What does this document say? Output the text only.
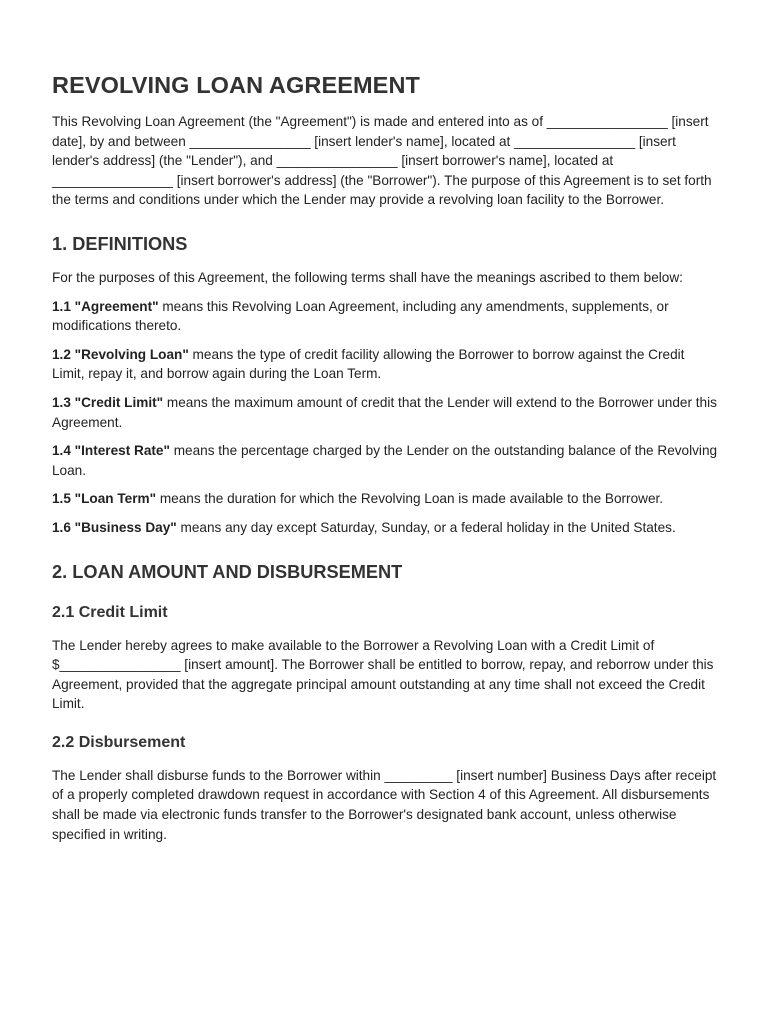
REVOLVING LOAN AGREEMENT

This Revolving Loan Agreement (the "Agreement") is made and entered into as of ________________ [insert date], by and between ________________ [insert lender's name], located at ________________ [insert lender's address] (the "Lender"), and ________________ [insert borrower's name], located at ________________ [insert borrower's address] (the "Borrower"). The purpose of this Agreement is to set forth the terms and conditions under which the Lender may provide a revolving loan facility to the Borrower.

1. DEFINITIONS

For the purposes of this Agreement, the following terms shall have the meanings ascribed to them below:

1.1 "Agreement" means this Revolving Loan Agreement, including any amendments, supplements, or modifications thereto.

1.2 "Revolving Loan" means the type of credit facility allowing the Borrower to borrow against the Credit Limit, repay it, and borrow again during the Loan Term.

1.3 "Credit Limit" means the maximum amount of credit that the Lender will extend to the Borrower under this Agreement.

1.4 "Interest Rate" means the percentage charged by the Lender on the outstanding balance of the Revolving Loan.

1.5 "Loan Term" means the duration for which the Revolving Loan is made available to the Borrower.

1.6 "Business Day" means any day except Saturday, Sunday, or a federal holiday in the United States.

2. LOAN AMOUNT AND DISBURSEMENT
2.1 Credit Limit

The Lender hereby agrees to make available to the Borrower a Revolving Loan with a Credit Limit of $________________ [insert amount]. The Borrower shall be entitled to borrow, repay, and reborrow under this Agreement, provided that the aggregate principal amount outstanding at any time shall not exceed the Credit Limit.

2.2 Disbursement

The Lender shall disburse funds to the Borrower within _________ [insert number] Business Days after receipt of a properly completed drawdown request in accordance with Section 4 of this Agreement. All disbursements shall be made via electronic funds transfer to the Borrower's designated bank account, unless otherwise specified in writing.
